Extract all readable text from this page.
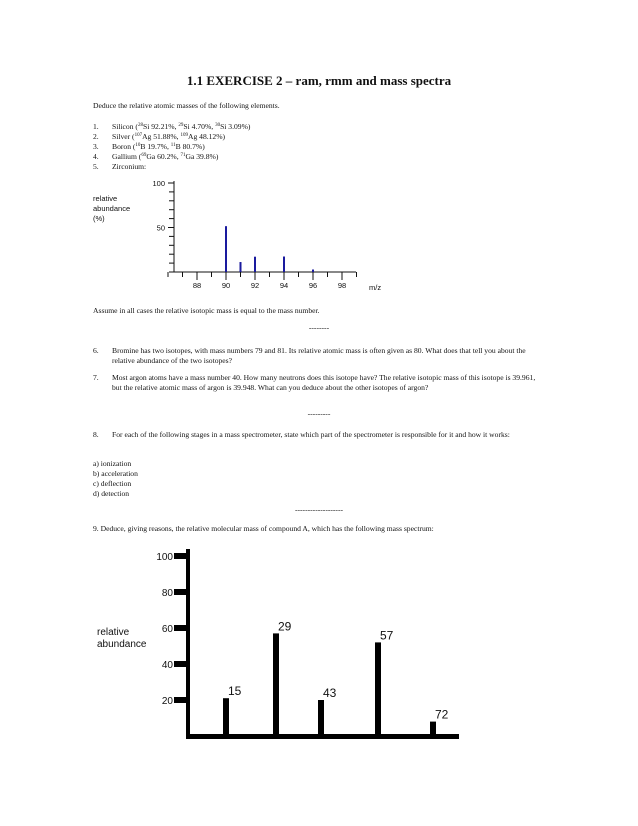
1.1 EXERCISE 2 – ram, rmm and mass spectra
Deduce the relative atomic masses of the following elements.
1. Silicon ($^{28}$Si 92.21%, $^{29}$Si 4.70%, $^{30}$Si 3.09%)
2. Silver ($^{107}$Ag 51.88%, $^{109}$Ag 48.12%)
3. Boron ($^{10}$B 19.7%, $^{11}$B 80.7%)
4. Gallium ($^{69}$Ga 60.2%, $^{71}$Ga 39.8%)
5. Zirconium:
100
50
relative
abundance
(%)
88	90	92	94	96	98	m/z
Assume in all cases the relative isotopic mass is equal to the mass number.
--------
6. Bromine has two isotopes, with mass numbers 79 and 81. Its relative atomic mass is often given as 80. What does that tell you about the relative abundance of the two isotopes?
7. Most argon atoms have a mass number 40. How many neutrons does this isotope have? The relative isotopic mass of this isotope is 39.961, but the relative atomic mass of argon is 39.948. What can you deduce about the other isotopes of argon?
---------
8. For each of the following stages in a mass spectrometer, state which part of the spectrometer is responsible for it and how it works:
a) ionization
b) acceleration
c) deflection
d) detection
-------------------
9. Deduce, giving reasons, the relative molecular mass of compound A, which has the following mass spectrum:
100
80
60
40
20
relative
abundance
15
29
43
57
72
